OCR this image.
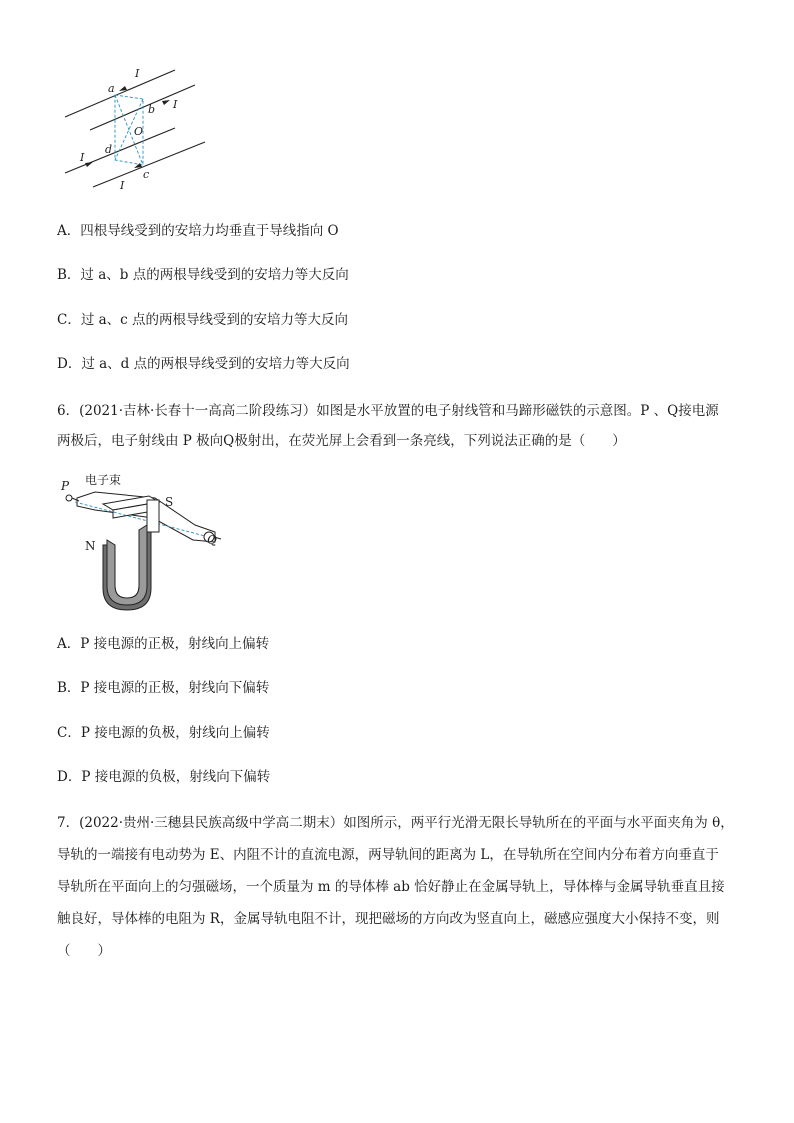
a
I
b I
O
d
I
c
I
A．四根导线受到的安培力均垂直于导线指向 O
B．过 a、b 点的两根导线受到的安培力等大反向
C．过 a、c 点的两根导线受到的安培力等大反向
D．过 a、d 点的两根导线受到的安培力等大反向
6．(2021·吉林·长春十一高高二阶段练习）如图是水平放置的电子射线管和马蹄形磁铁的示意图。P 、Q接电源
两极后，电子射线由 P 极向Q极射出，在荧光屏上会看到一条亮线，下列说法正确的是（　　）
P 电子束
S
N	Q
A．P 接电源的正极，射线向上偏转
B．P 接电源的正极，射线向下偏转
C．P 接电源的负极，射线向上偏转
D．P 接电源的负极，射线向下偏转
7．(2022·贵州·三穗县民族高级中学高二期末）如图所示，两平行光滑无限长导轨所在的平面与水平面夹角为 θ，
导轨的一端接有电动势为 E、内阻不计的直流电源，两导轨间的距离为 L，在导轨所在空间内分布着方向垂直于
导轨所在平面向上的匀强磁场，一个质量为 m 的导体棒 ab 恰好静止在金属导轨上，导体棒与金属导轨垂直且接
触良好，导体棒的电阻为 R，金属导轨电阻不计，现把磁场的方向改为竖直向上，磁感应强度大小保持不变，则
（　　）
